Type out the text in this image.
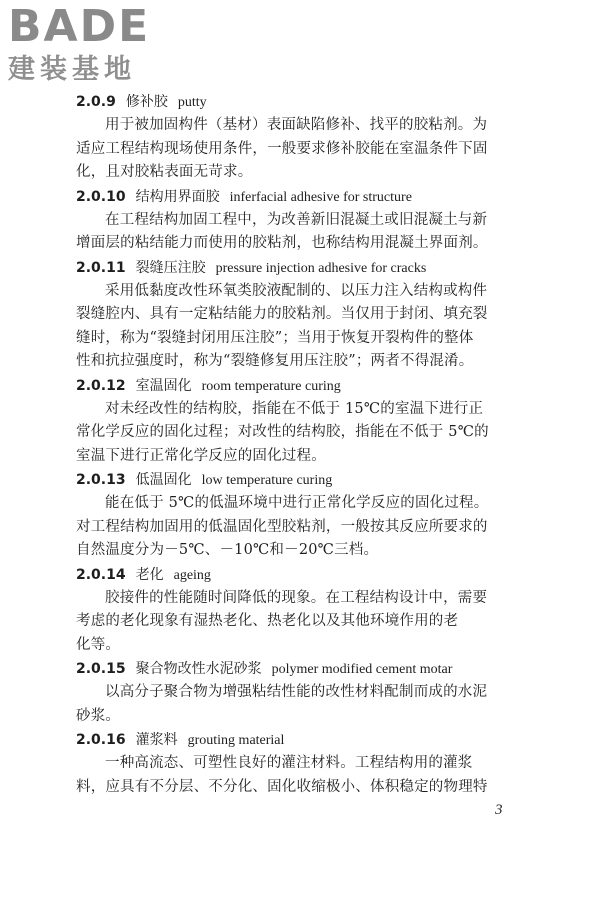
BADE
建装基地
2.0.9 修补胶 putty
用于被加固构件（基材）表面缺陷修补、找平的胶粘剂。为
适应工程结构现场使用条件，一般要求修补胶能在室温条件下固
化，且对胶粘表面无苛求。
2.0.10 结构用界面胶 inferfacial adhesive for structure
在工程结构加固工程中，为改善新旧混凝土或旧混凝土与新
增面层的粘结能力而使用的胶粘剂，也称结构用混凝土界面剂。
2.0.11 裂缝压注胶 pressure injection adhesive for cracks
采用低黏度改性环氧类胶液配制的、以压力注入结构或构件
裂缝腔内、具有一定粘结能力的胶粘剂。当仅用于封闭、填充裂
缝时，称为“裂缝封闭用压注胶”；当用于恢复开裂构件的整体
性和抗拉强度时，称为“裂缝修复用压注胶”；两者不得混淆。
2.0.12 室温固化 room temperature curing
对未经改性的结构胶，指能在不低于 15℃的室温下进行正
常化学反应的固化过程；对改性的结构胶，指能在不低于 5℃的
室温下进行正常化学反应的固化过程。
2.0.13 低温固化 low temperature curing
能在低于 5℃的低温环境中进行正常化学反应的固化过程。
对工程结构加固用的低温固化型胶粘剂，一般按其反应所要求的
自然温度分为－5℃、－10℃和－20℃三档。
2.0.14 老化 ageing
胶接件的性能随时间降低的现象。在工程结构设计中，需要
考虑的老化现象有湿热老化、热老化以及其他环境作用的老
化等。
2.0.15 聚合物改性水泥砂浆 polymer modified cement motar
以高分子聚合物为增强粘结性能的改性材料配制而成的水泥
砂浆。
2.0.16 灌浆料 grouting material
一种高流态、可塑性良好的灌注材料。工程结构用的灌浆
料，应具有不分层、不分化、固化收缩极小、体积稳定的物理特
3
